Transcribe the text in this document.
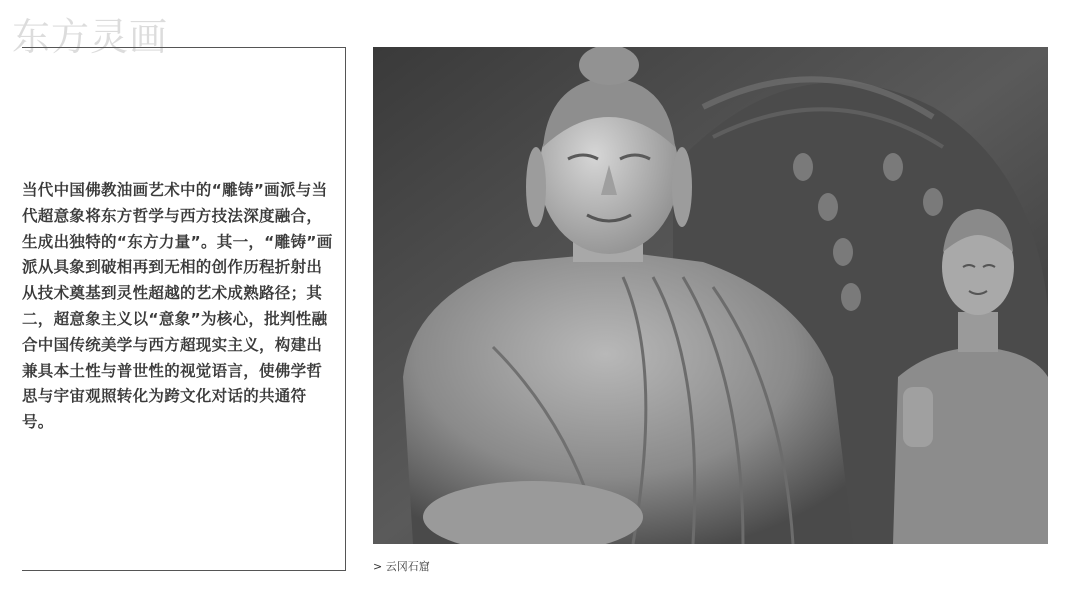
东方灵画
当代中国佛教油画艺术中的“雕铸”画派与当代超意象将东方哲学与西方技法深度融合，生成出独特的“东方力量”。其一，“雕铸”画派从具象到破相再到无相的创作历程折射出从技术奠基到灵性超越的艺术成熟路径；其二，超意象主义以“意象”为核心，批判性融合中国传统美学与西方超现实主义，构建出兼具本土性与普世性的视觉语言，使佛学哲思与宇宙观照转化为跨文化对话的共通符号。
> 云冈石窟
